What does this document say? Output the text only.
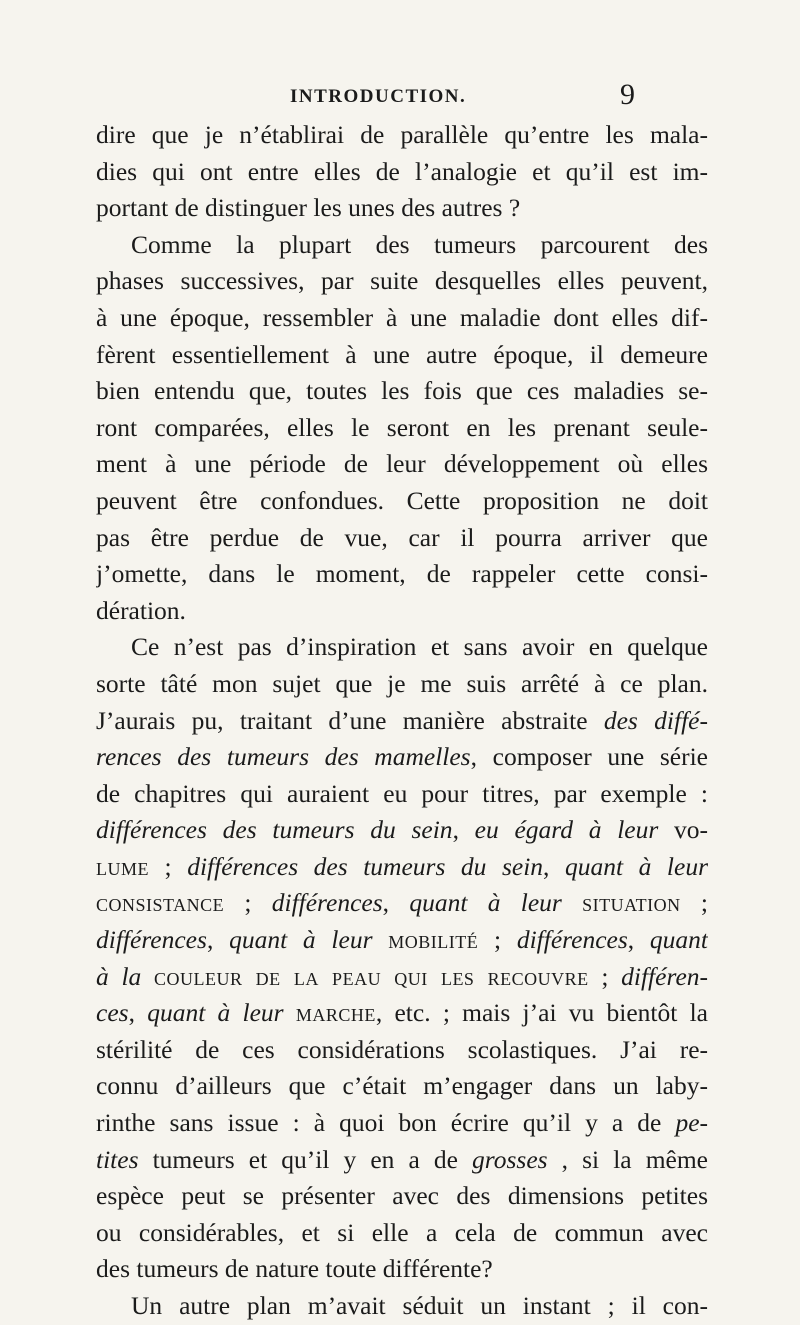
INTRODUCTION.	9
dire que je n’établirai de parallèle qu’entre les mala-
dies qui ont entre elles de l’analogie et qu’il est im-
portant de distinguer les unes des autres ?
Comme la plupart des tumeurs parcourent des
phases successives, par suite desquelles elles peuvent,
à une époque, ressembler à une maladie dont elles dif-
fèrent essentiellement à une autre époque, il demeure
bien entendu que, toutes les fois que ces maladies se-
ront comparées, elles le seront en les prenant seule-
ment à une période de leur développement où elles
peuvent être confondues. Cette proposition ne doit
pas être perdue de vue, car il pourra arriver que
j’omette, dans le moment, de rappeler cette consi-
dération.
Ce n’est pas d’inspiration et sans avoir en quelque
sorte tâté mon sujet que je me suis arrêté à ce plan.
J’aurais pu, traitant d’une manière abstraite des diffé-
rences des tumeurs des mamelles, composer une série
de chapitres qui auraient eu pour titres, par exemple :
différences des tumeurs du sein, eu égard à leur vo-
lume ; différences des tumeurs du sein, quant à leur
consistance ; différences, quant à leur situation ;
différences, quant à leur mobilité ; différences, quant
à la couleur de la peau qui les recouvre ; différen-
ces, quant à leur marche, etc. ; mais j’ai vu bientôt la
stérilité de ces considérations scolastiques. J’ai re-
connu d’ailleurs que c’était m’engager dans un laby-
rinthe sans issue : à quoi bon écrire qu’il y a de pe-
tites tumeurs et qu’il y en a de grosses , si la même
espèce peut se présenter avec des dimensions petites
ou considérables, et si elle a cela de commun avec
des tumeurs de nature toute différente?
Un autre plan m’avait séduit un instant ; il con-
